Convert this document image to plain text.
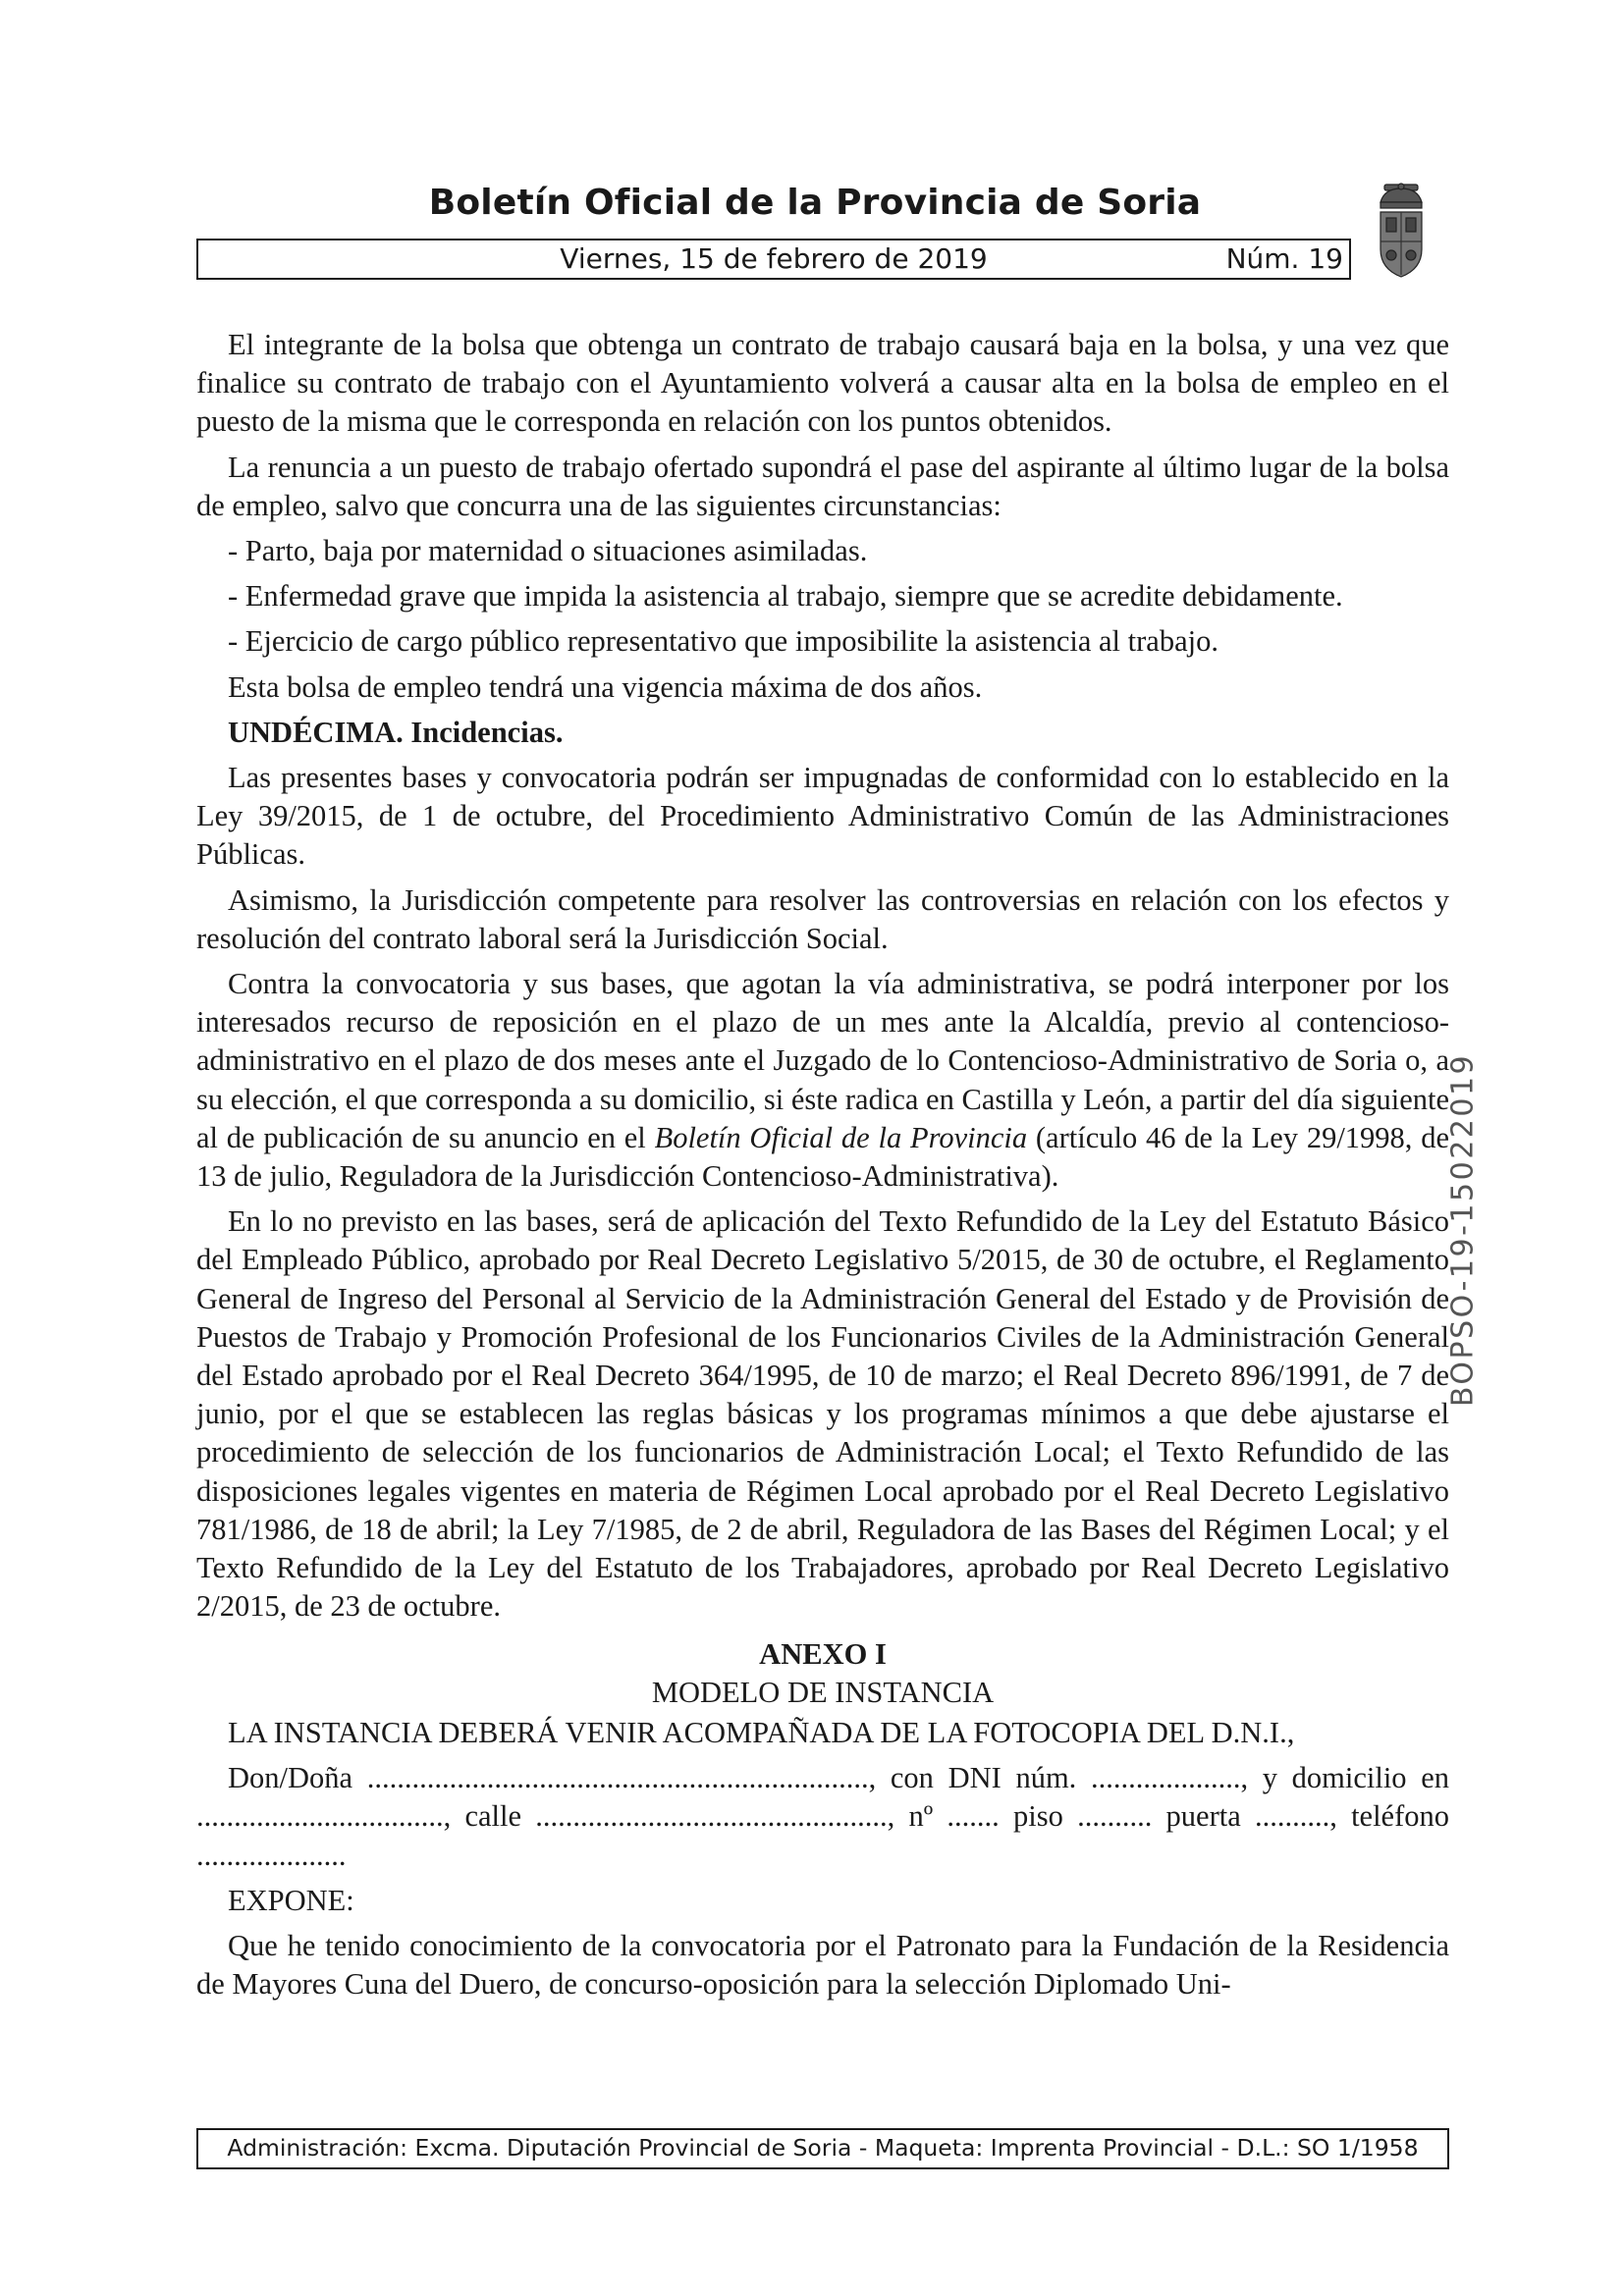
Boletín Oficial de la Provincia de Soria
Viernes, 15 de febrero de 2019	Núm. 19
BOPSO-19-15022019

El integrante de la bolsa que obtenga un contrato de trabajo causará baja en la bolsa, y una vez que finalice su contrato de trabajo con el Ayuntamiento volverá a causar alta en la bolsa de empleo en el puesto de la misma que le corresponda en relación con los puntos obtenidos.

La renuncia a un puesto de trabajo ofertado supondrá el pase del aspirante al último lugar de la bolsa de empleo, salvo que concurra una de las siguientes circunstancias:

- Parto, baja por maternidad o situaciones asimiladas.

- Enfermedad grave que impida la asistencia al trabajo, siempre que se acredite debidamente.

- Ejercicio de cargo público representativo que imposibilite la asistencia al trabajo.

Esta bolsa de empleo tendrá una vigencia máxima de dos años.

UNDÉCIMA. Incidencias.

Las presentes bases y convocatoria podrán ser impugnadas de conformidad con lo establecido en la Ley 39/2015, de 1 de octubre, del Procedimiento Administrativo Común de las Administraciones Públicas.

Asimismo, la Jurisdicción competente para resolver las controversias en relación con los efectos y resolución del contrato laboral será la Jurisdicción Social.

Contra la convocatoria y sus bases, que agotan la vía administrativa, se podrá interponer por los interesados recurso de reposición en el plazo de un mes ante la Alcaldía, previo al contencioso-administrativo en el plazo de dos meses ante el Juzgado de lo Contencioso-Administrativo de Soria o, a su elección, el que corresponda a su domicilio, si éste radica en Castilla y León, a partir del día siguiente al de publicación de su anuncio en el Boletín Oficial de la Provincia (artículo 46 de la Ley 29/1998, de 13 de julio, Reguladora de la Jurisdicción Contencioso-Administrativa).

En lo no previsto en las bases, será de aplicación del Texto Refundido de la Ley del Estatuto Básico del Empleado Público, aprobado por Real Decreto Legislativo 5/2015, de 30 de octubre, el Reglamento General de Ingreso del Personal al Servicio de la Administración General del Estado y de Provisión de Puestos de Trabajo y Promoción Profesional de los Funcionarios Civiles de la Administración General del Estado aprobado por el Real Decreto 364/1995, de 10 de marzo; el Real Decreto 896/1991, de 7 de junio, por el que se establecen las reglas básicas y los programas mínimos a que debe ajustarse el procedimiento de selección de los funcionarios de Administración Local; el Texto Refundido de las disposiciones legales vigentes en materia de Régimen Local aprobado por el Real Decreto Legislativo 781/1986, de 18 de abril; la Ley 7/1985, de 2 de abril, Reguladora de las Bases del Régimen Local; y el Texto Refundido de la Ley del Estatuto de los Trabajadores, aprobado por Real Decreto Legislativo 2/2015, de 23 de octubre.

ANEXO I

MODELO DE INSTANCIA

LA INSTANCIA DEBERÁ VENIR ACOMPAÑADA DE LA FOTOCOPIA DEL D.N.I.,

Don/Doña ..................................................................., con DNI núm. ...................., y domicilio en ................................., calle ..............................................., nº ....... piso .......... puerta .........., teléfono ....................

EXPONE:

Que he tenido conocimiento de la convocatoria por el Patronato para la Fundación de la Residencia de Mayores Cuna del Duero, de concurso-oposición para la selección Diplomado Uni-

Administración: Excma. Diputación Provincial de Soria - Maqueta: Imprenta Provincial - D.L.: SO 1/1958
